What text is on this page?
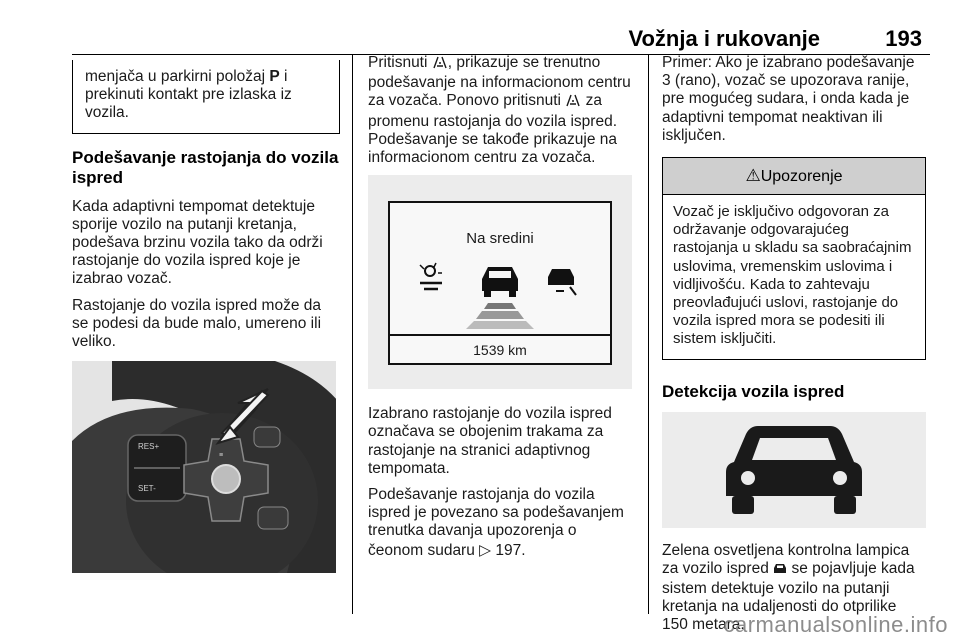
Vožnja i rukovanje	193

menjača u parkirni položaj P i prekinuti kontakt pre izlaska iz vozila.

Podešavanje rastojanja do vozila ispred

Kada adaptivni tempomat detektuje sporije vozilo na putanji kretanja, podešava brzinu vozila tako da održi rastojanje do vozila ispred koje je izabrao vozač.

Rastojanje do vozila ispred može da se podesi da bude malo, umereno ili veliko.

RES+
SET-
≡

Pritisnuti , prikazuje se trenutno podešavanje na informacionom centru za vozača. Ponovo pritisnuti  za promenu rastojanja do vozila ispred. Podešavanje se takođe prikazuje na informacionom centru za vozača.

Na sredini
1539 km

Izabrano rastojanje do vozila ispred označava se obojenim trakama za rastojanje na stranici adaptivnog tempomata.

Podešavanje rastojanja do vozila ispred je povezano sa podešavanjem trenutka davanja upozorenja o čeonom sudaru ▷ 197.

Primer: Ako je izabrano podešavanje 3 (rano), vozač se upozorava ranije, pre mogućeg sudara, i onda kada je adaptivni tempomat neaktivan ili isključen.

⚠Upozorenje

Vozač je isključivo odgovoran za održavanje odgovarajućeg rastojanja u skladu sa saobraćajnim uslovima, vremenskim uslovima i vidljivošću. Kada to zahtevaju preovlađujući uslovi, rastojanje do vozila ispred mora se podesiti ili sistem isključiti.

Detekcija vozila ispred

Zelena osvetljena kontrolna lampica za vozilo ispred  se pojavljuje kada sistem detektuje vozilo na putanji kretanja na udaljenosti do otprilike 150 metara.

carmanualsonline.info
